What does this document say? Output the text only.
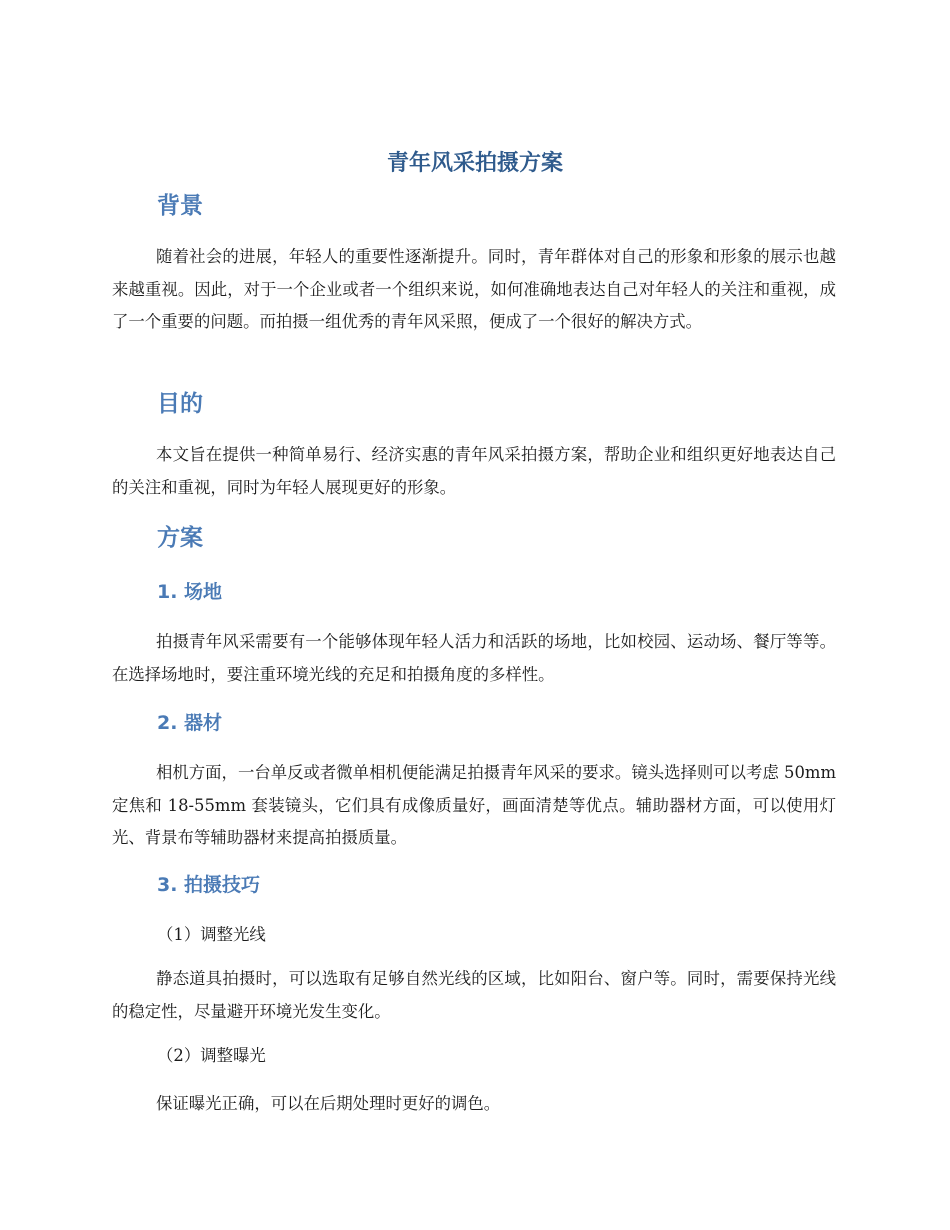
青年风采拍摄方案
背景

随着社会的进展，年轻人的重要性逐渐提升。同时，青年群体对自己的形象和形象的展示也越来越重视。因此，对于一个企业或者一个组织来说，如何准确地表达自己对年轻人的关注和重视，成了一个重要的问题。而拍摄一组优秀的青年风采照，便成了一个很好的解决方式。

目的

本文旨在提供一种简单易行、经济实惠的青年风采拍摄方案，帮助企业和组织更好地表达自己的关注和重视，同时为年轻人展现更好的形象。

方案
1. 场地

拍摄青年风采需要有一个能够体现年轻人活力和活跃的场地，比如校园、运动场、餐厅等等。在选择场地时，要注重环境光线的充足和拍摄角度的多样性。

2. 器材

相机方面，一台单反或者微单相机便能满足拍摄青年风采的要求。镜头选择则可以考虑 50mm 定焦和 18-55mm 套装镜头，它们具有成像质量好，画面清楚等优点。辅助器材方面，可以使用灯光、背景布等辅助器材来提高拍摄质量。

3. 拍摄技巧

（1）调整光线

静态道具拍摄时，可以选取有足够自然光线的区域，比如阳台、窗户等。同时，需要保持光线的稳定性，尽量避开环境光发生变化。

（2）调整曝光

保证曝光正确，可以在后期处理时更好的调色。
